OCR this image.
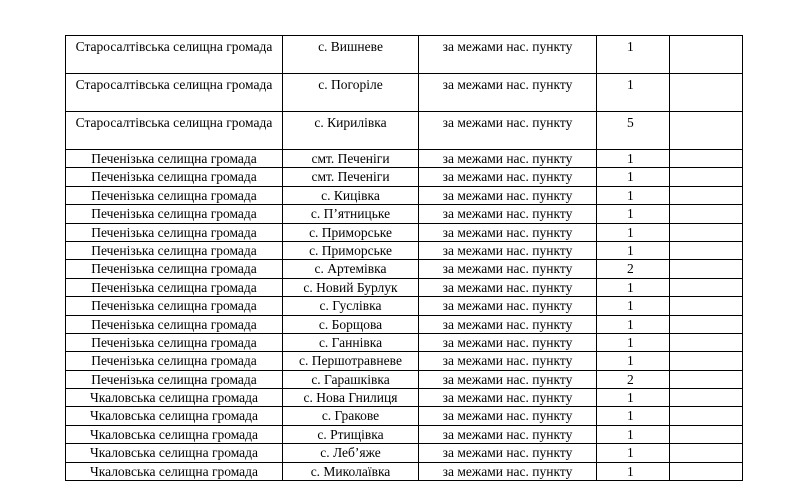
Старосалтівська селищна громада	с. Вишневе	за межами нас. пункту	1	
Старосалтівська селищна громада	с. Погоріле	за межами нас. пункту	1	
Старосалтівська селищна громада	с. Кирилівка	за межами нас. пункту	5	
Печенізька селищна громада	смт. Печеніги	за межами нас. пункту	1	
Печенізька селищна громада	смт. Печеніги	за межами нас. пункту	1	
Печенізька селищна громада	с. Кицівка	за межами нас. пункту	1	
Печенізька селищна громада	с. П’ятницьке	за межами нас. пункту	1	
Печенізька селищна громада	с. Приморське	за межами нас. пункту	1	
Печенізька селищна громада	с. Приморське	за межами нас. пункту	1	
Печенізька селищна громада	с. Артемівка	за межами нас. пункту	2	
Печенізька селищна громада	с. Новий Бурлук	за межами нас. пункту	1	
Печенізька селищна громада	с. Гуслівка	за межами нас. пункту	1	
Печенізька селищна громада	с. Борщова	за межами нас. пункту	1	
Печенізька селищна громада	с. Ганнівка	за межами нас. пункту	1	
Печенізька селищна громада	с. Першотравневе	за межами нас. пункту	1	
Печенізька селищна громада	с. Гарашківка	за межами нас. пункту	2	
Чкаловська селищна громада	с. Нова Гнилиця	за межами нас. пункту	1	
Чкаловська селищна громада	с. Гракове	за межами нас. пункту	1	
Чкаловська селищна громада	с. Ртищівка	за межами нас. пункту	1	
Чкаловська селищна громада	с. Леб’яже	за межами нас. пункту	1	
Чкаловська селищна громада	с. Миколаївка	за межами нас. пункту	1	
